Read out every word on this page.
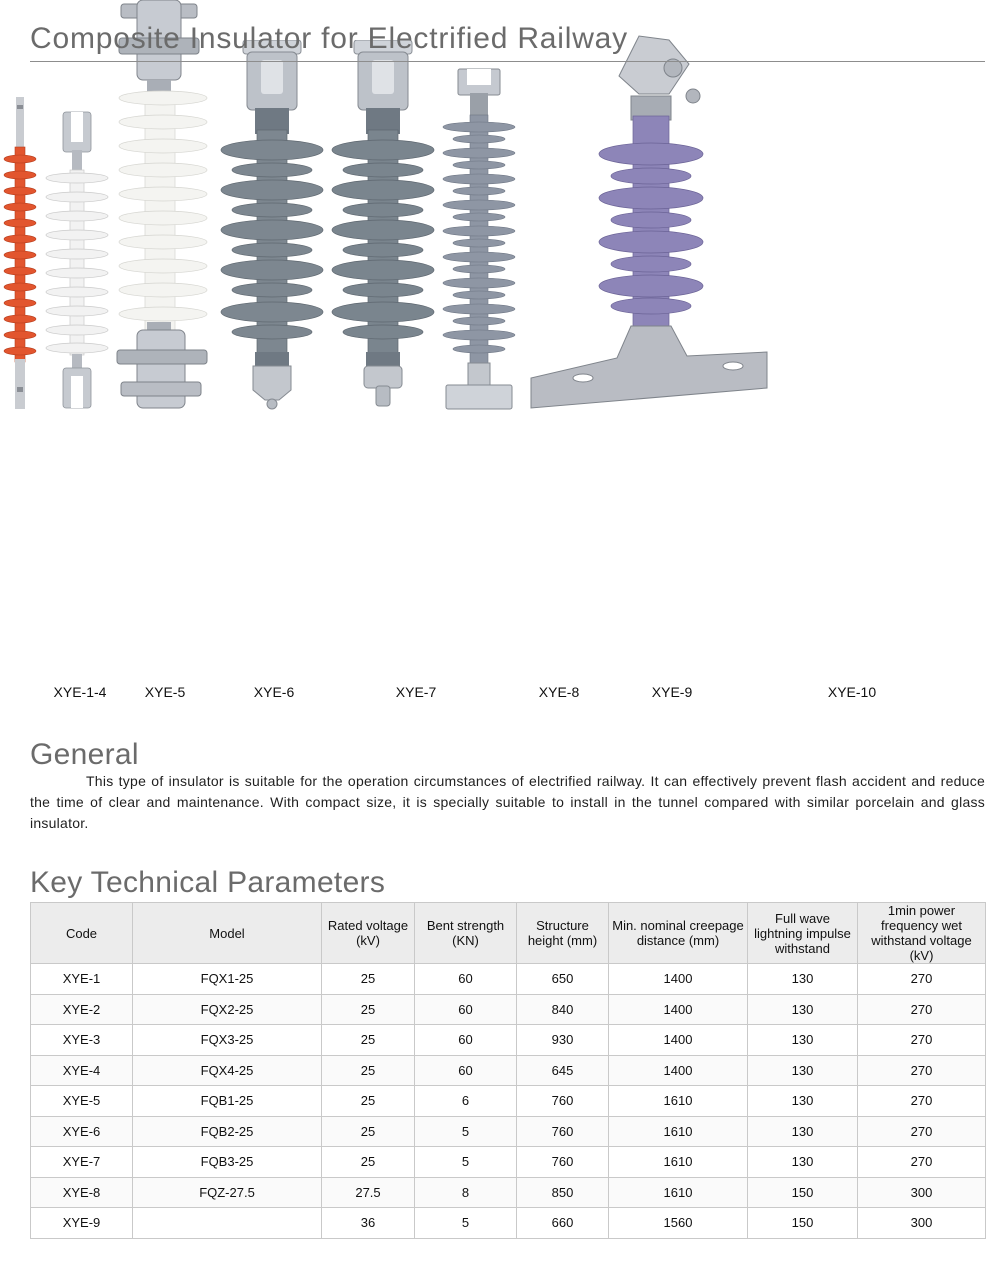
Composite Insulator for Electrified Railway

XYE-1-4	XYE-5	XYE-6	XYE-7	XYE-8	XYE-9	XYE-10
General

This type of insulator is suitable for the operation circumstances of electrified railway. It can effectively prevent flash accident and reduce the time of clear and maintenance. With compact size, it is specially suitable to install in the tunnel compared with similar porcelain and glass insulator.

Key Technical Parameters
Code	Model	Rated voltage (kV)	Bent strength (KN)	Structure height (mm)	Min. nominal creepage distance (mm)	Full wave lightning impulse withstand	1min power frequency wet withstand voltage (kV)
XYE-1	FQX1-25	25	60	650	1400	130	270
XYE-2	FQX2-25	25	60	840	1400	130	270
XYE-3	FQX3-25	25	60	930	1400	130	270
XYE-4	FQX4-25	25	60	645	1400	130	270
XYE-5	FQB1-25	25	6	760	1610	130	270
XYE-6	FQB2-25	25	5	760	1610	130	270
XYE-7	FQB3-25	25	5	760	1610	130	270
XYE-8	FQZ-27.5	27.5	8	850	1610	150	300
XYE-9		36	5	660	1560	150	300
